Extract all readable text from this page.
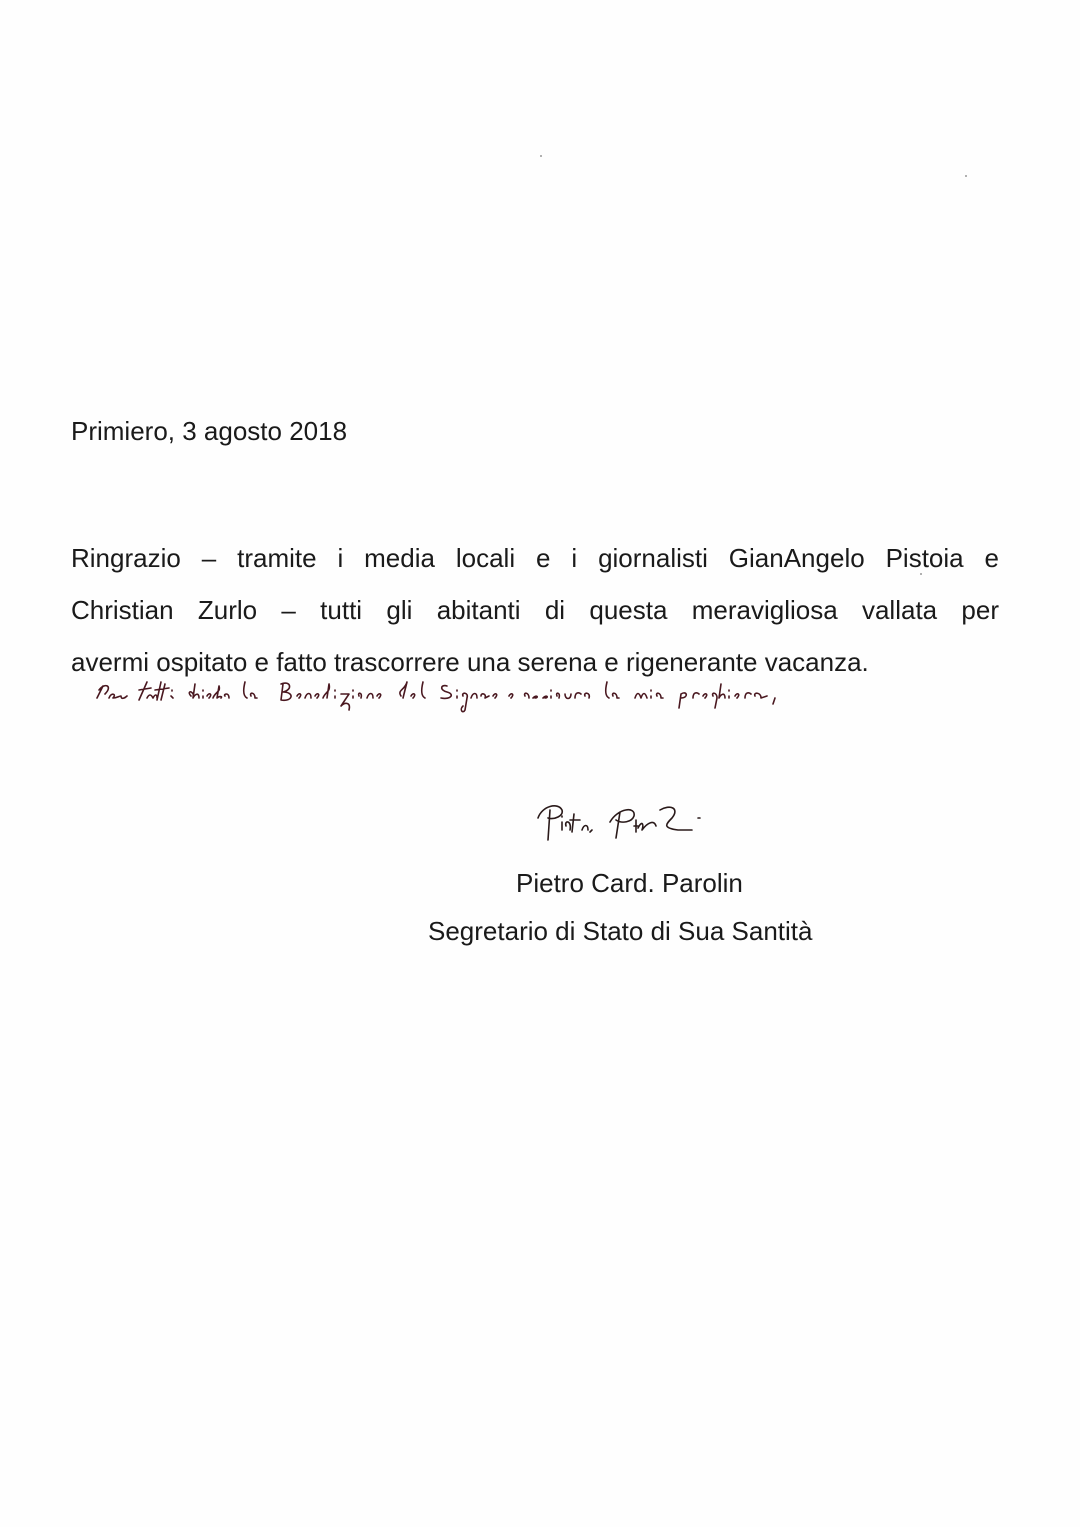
Primiero, 3 agosto 2018
Ringrazio – tramite i media locali e i giornalisti GianAngelo Pistoia e
Christian Zurlo – tutti gli abitanti di questa meravigliosa vallata per
avermi ospitato e fatto trascorrere una serena e rigenerante vacanza.
Pietro Card. Parolin
Segretario di Stato di Sua Santità
